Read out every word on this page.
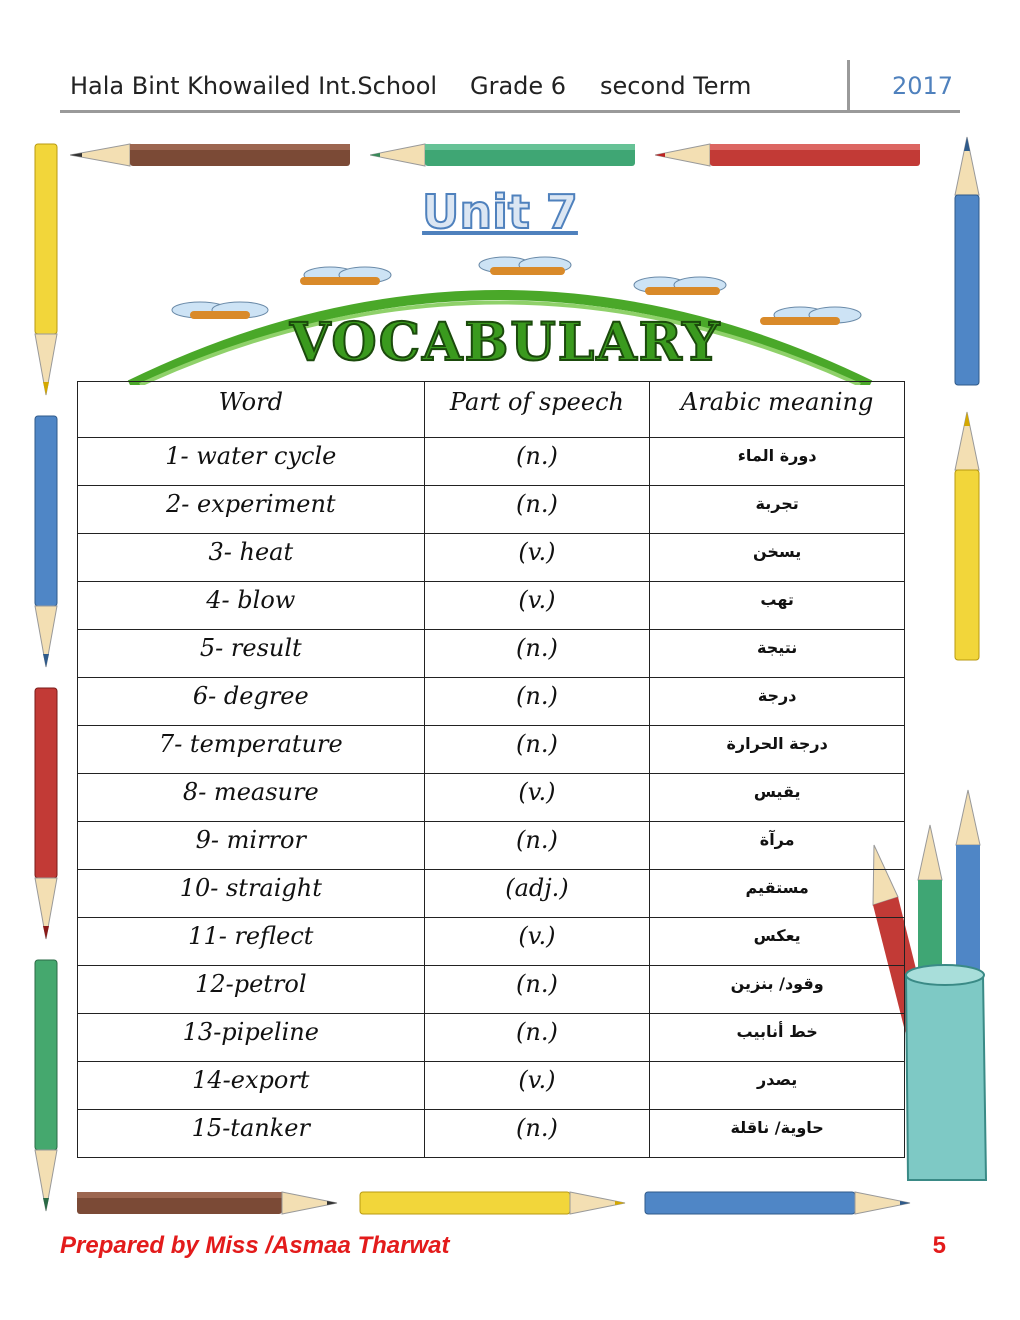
Hala Bint Khowailed Int.School Grade 6 second Term	2017
Unit 7
VOCABULARY
Word	Part of speech	Arabic meaning
1- water cycle	(n.)	دورة الماء
2- experiment	(n.)	تجربة
3- heat	(v.)	يسخن
4- blow	(v.)	تهب
5- result	(n.)	نتيجة
6- degree	(n.)	درجة
7- temperature	(n.)	درجة الحرارة
8- measure	(v.)	يقيس
9- mirror	(n.)	مرآة
10- straight	(adj.)	مستقيم
11- reflect	(v.)	يعكس
12-petrol	(n.)	وقود/ بنزين
13-pipeline	(n.)	خط أنابيب
14-export	(v.)	يصدر
15-tanker	(n.)	حاوية/ ناقلة
Prepared by Miss /Asmaa Tharwat	5
